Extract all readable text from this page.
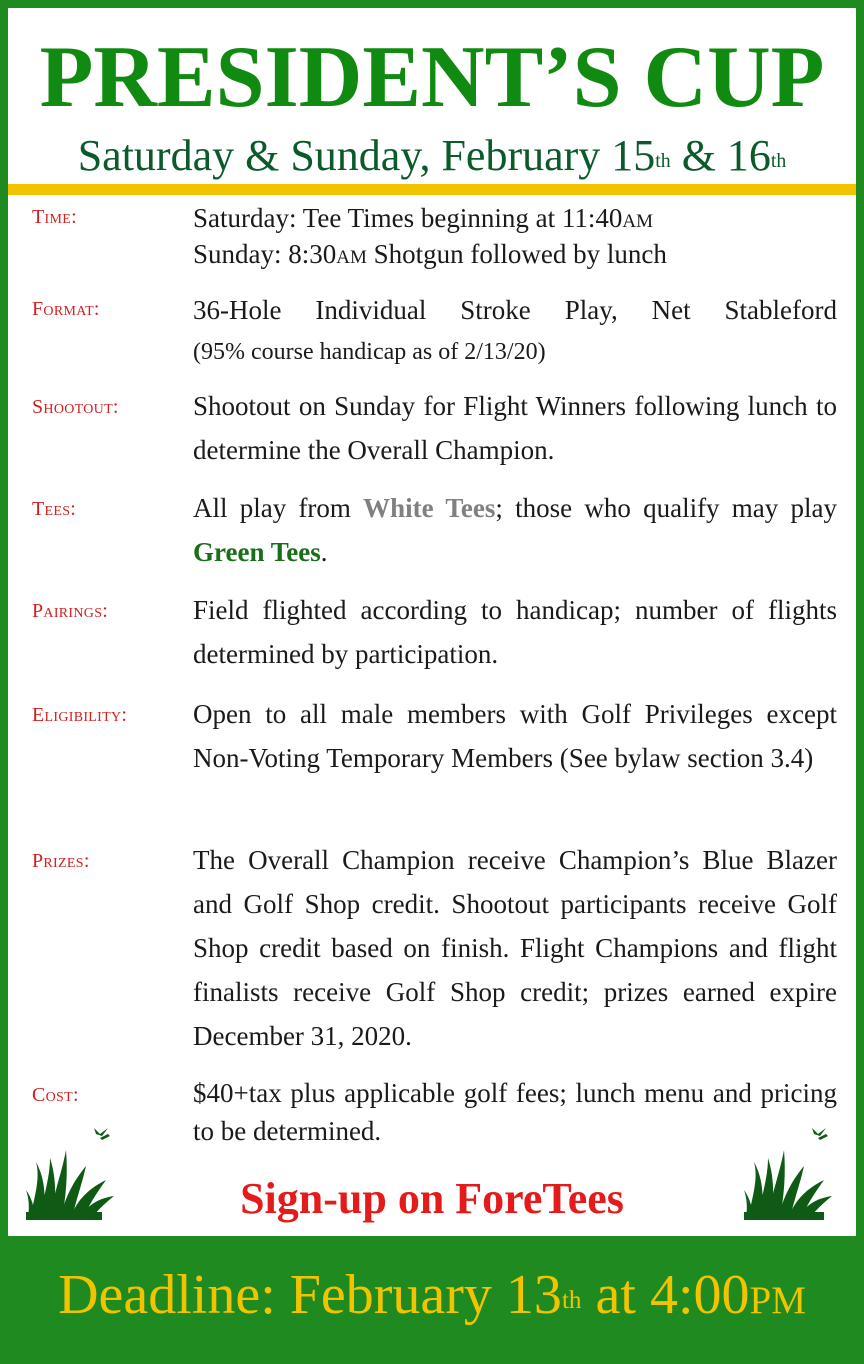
PRESIDENT’S CUP
Saturday & Sunday, February 15th & 16th
Time:	Saturday: Tee Times beginning at 11:40am
Sunday: 8:30am Shotgun followed by lunch
Format:	36-Hole Individual Stroke Play, Net Stableford
(95% course handicap as of 2/13/20)
Shootout:	Shootout on Sunday for Flight Winners following lunch to determine the Overall Champion.
Tees:	All play from White Tees; those who qualify may play Green Tees.
Pairings:	Field flighted according to handicap; number of flights determined by participation.
Eligibility:	Open to all male members with Golf Privileges except Non-Voting Temporary Members (See bylaw section 3.4)
Prizes:	The Overall Champion receive Champion’s Blue Blazer and Golf Shop credit. Shootout participants receive Golf Shop credit based on finish. Flight Champions and flight finalists receive Golf Shop credit; prizes earned expire December 31, 2020.
Cost:	$40+tax plus applicable golf fees; lunch menu and pricing to be determined.
Sign-up on ForeTees
Deadline: February 13th at 4:00pm
